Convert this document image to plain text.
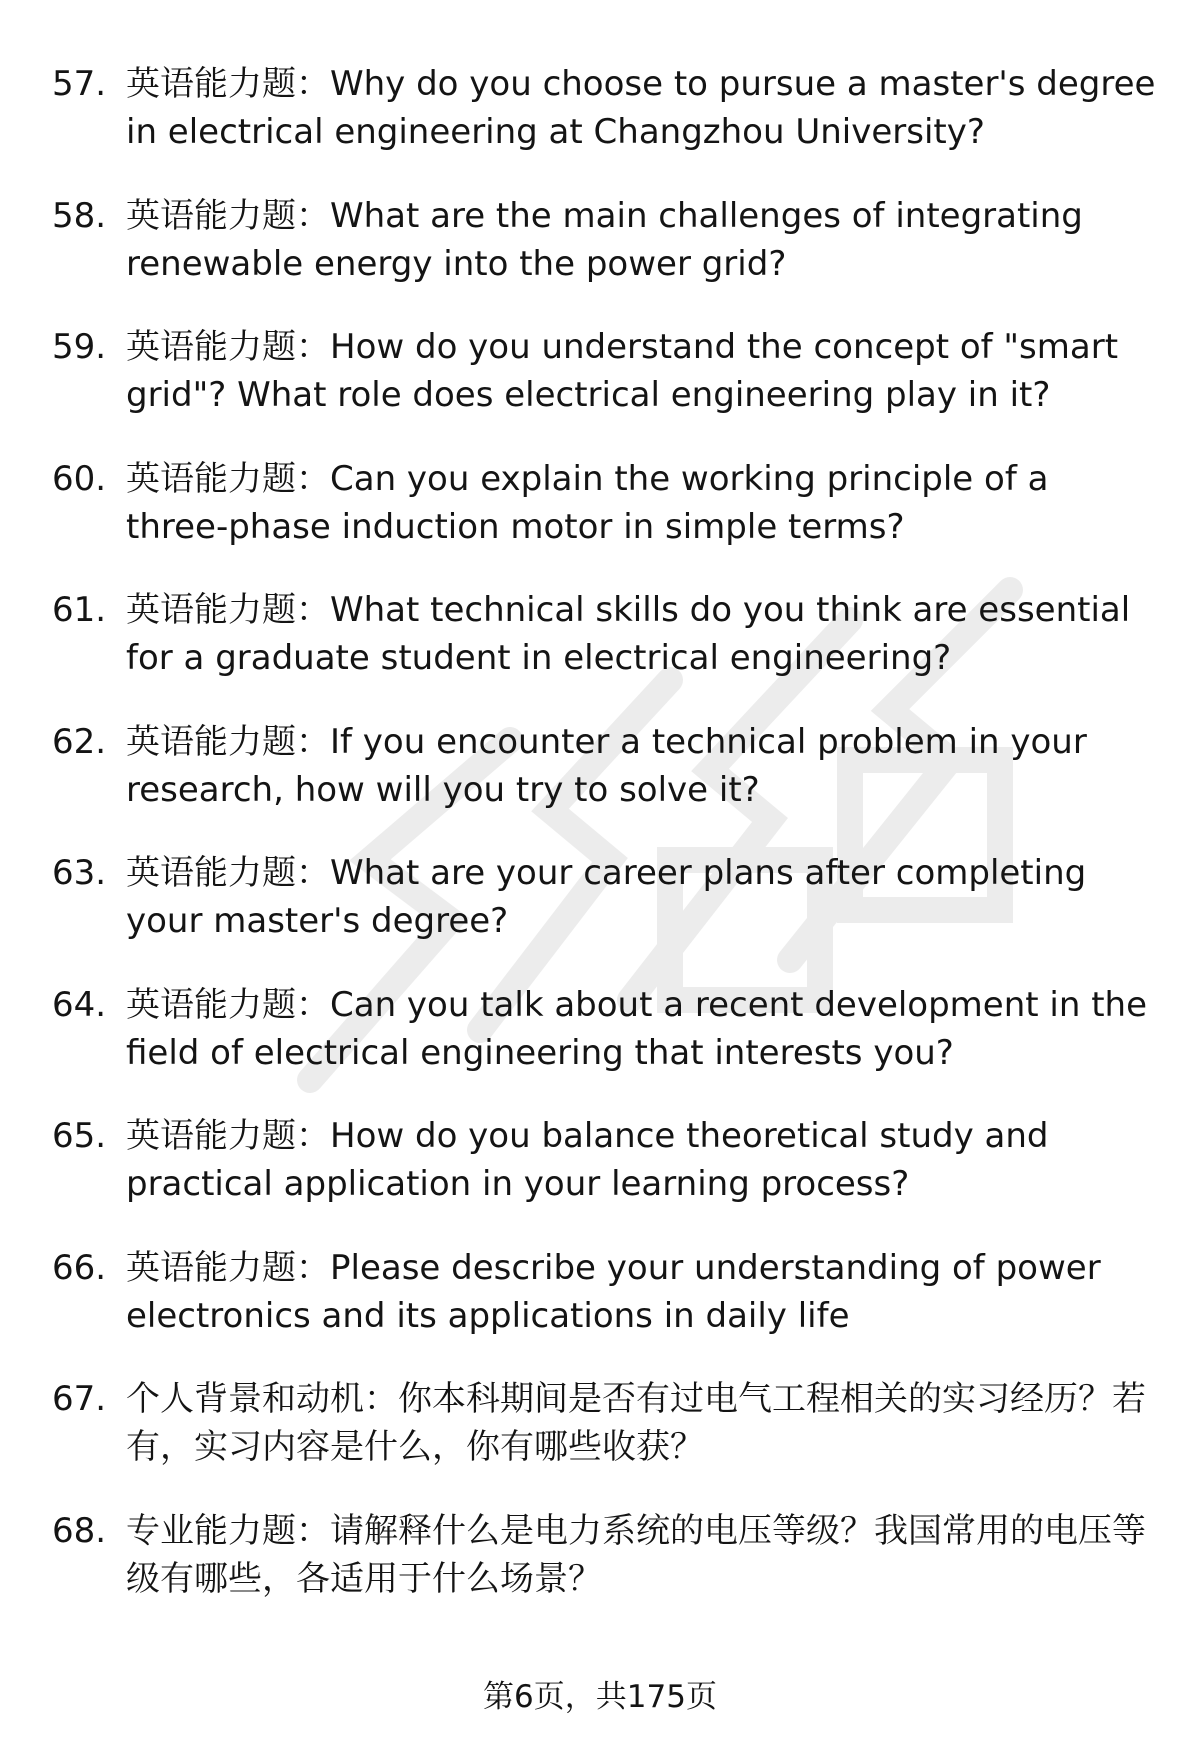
57. 英语能力题：Why do you choose to pursue a master's degree in electrical engineering at Changzhou University?
58. 英语能力题：What are the main challenges of integrating renewable energy into the power grid?
59. 英语能力题：How do you understand the concept of "smart grid"? What role does electrical engineering play in it?
60. 英语能力题：Can you explain the working principle of a three-phase induction motor in simple terms?
61. 英语能力题：What technical skills do you think are essential for a graduate student in electrical engineering?
62. 英语能力题：If you encounter a technical problem in your research, how will you try to solve it?
63. 英语能力题：What are your career plans after completing your master's degree?
64. 英语能力题：Can you talk about a recent development in the field of electrical engineering that interests you?
65. 英语能力题：How do you balance theoretical study and practical application in your learning process?
66. 英语能力题：Please describe your understanding of power electronics and its applications in daily life
67. 个人背景和动机：你本科期间是否有过电气工程相关的实习经历？若有，实习内容是什么，你有哪些收获？
68. 专业能力题：请解释什么是电力系统的电压等级？我国常用的电压等级有哪些，各适用于什么场景？
第6页，共175页
